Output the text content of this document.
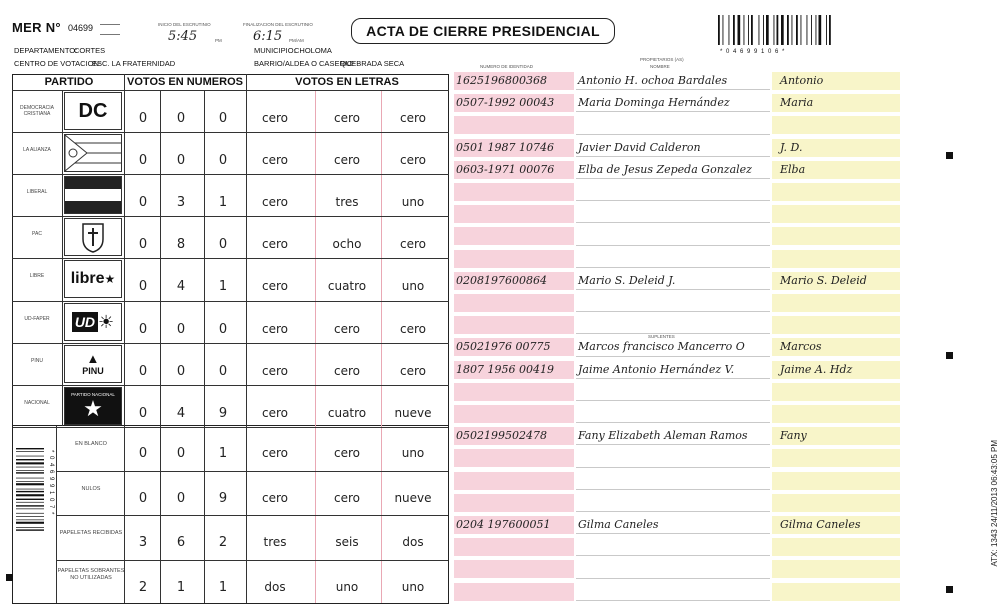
MER N° 04699	INICIO DEL ESCRUTINIO
5:45	PM
FINALIZACION DEL ESCRUTINIO
6:15 PM/AM
ACTA DE CIERRE PRESIDENCIAL
* 0 4 6 9 9 1 0 6 *
DEPARTAMENTO:
CORTES	MUNICIPIO:
CHOLOMA
CENTRO DE VOTACION:
ESC. LA FRATERNIDAD	BARRIO/ALDEA O CASERIO:
QUEBRADA SECA	PROPIETARIOS (AS)
NOMBRE
NUMERO DE IDENTIDAD
PARTIDO	VOTOS EN NUMEROS	VOTOS EN LETRAS
DEMOCRACIA CRISTIANA	DC	0	0	0	cero	cero	cero
LA ALIANZA
0	0	0	cero	cero	cero
LIBERAL
0	3	1	cero	tres	uno
PAC
0	8	0	cero	ocho	cero
LIBRE	libre ★	0	4	1	cero	cuatro	uno
UD-FAPER	UD ☀	0	0	0	cero	cero	cero
PINU	▲
PINU	0	0	0	cero	cero	cero
NACIONAL
PARTIDO NACIONAL
★	0	4	9	cero	cuatro	nueve
EN BLANCO
0	0	1	cero	cero	uno
NULOS
0	0	9	cero	cero	nueve
PAPELETAS RECIBIDAS
3	6	2	tres	seis	dos
PAPELETAS SOBRANTES NO UTILIZADAS
2	1	1	dos	uno	uno
* 0 4 6 9 9 1 0 7 *
1625196800368	Antonio H. ochoa Bardales	Antonio
0507-1992 00043 Maria Dominga Hernández	Maria
0501 1987 10746 Javier David Calderon	J. D.
0603-1971 00076 Elba de Jesus Zepeda Gonzalez	Elba
0208197600864	Mario S. Deleid J.	Mario S. Deleid
05021976 00775	Marcos francisco Mancerro O	Marcos
1807 1956 00419 Jaime Antonio Hernández V.	Jaime A. Hdz
0502199502478	Fany Elizabeth Aleman Ramos	Fany
0204 197600051	Gilma Caneles	Gilma Caneles
SUPLENTES
ATX: 1343 24/11/2013 06:43:05 PM
